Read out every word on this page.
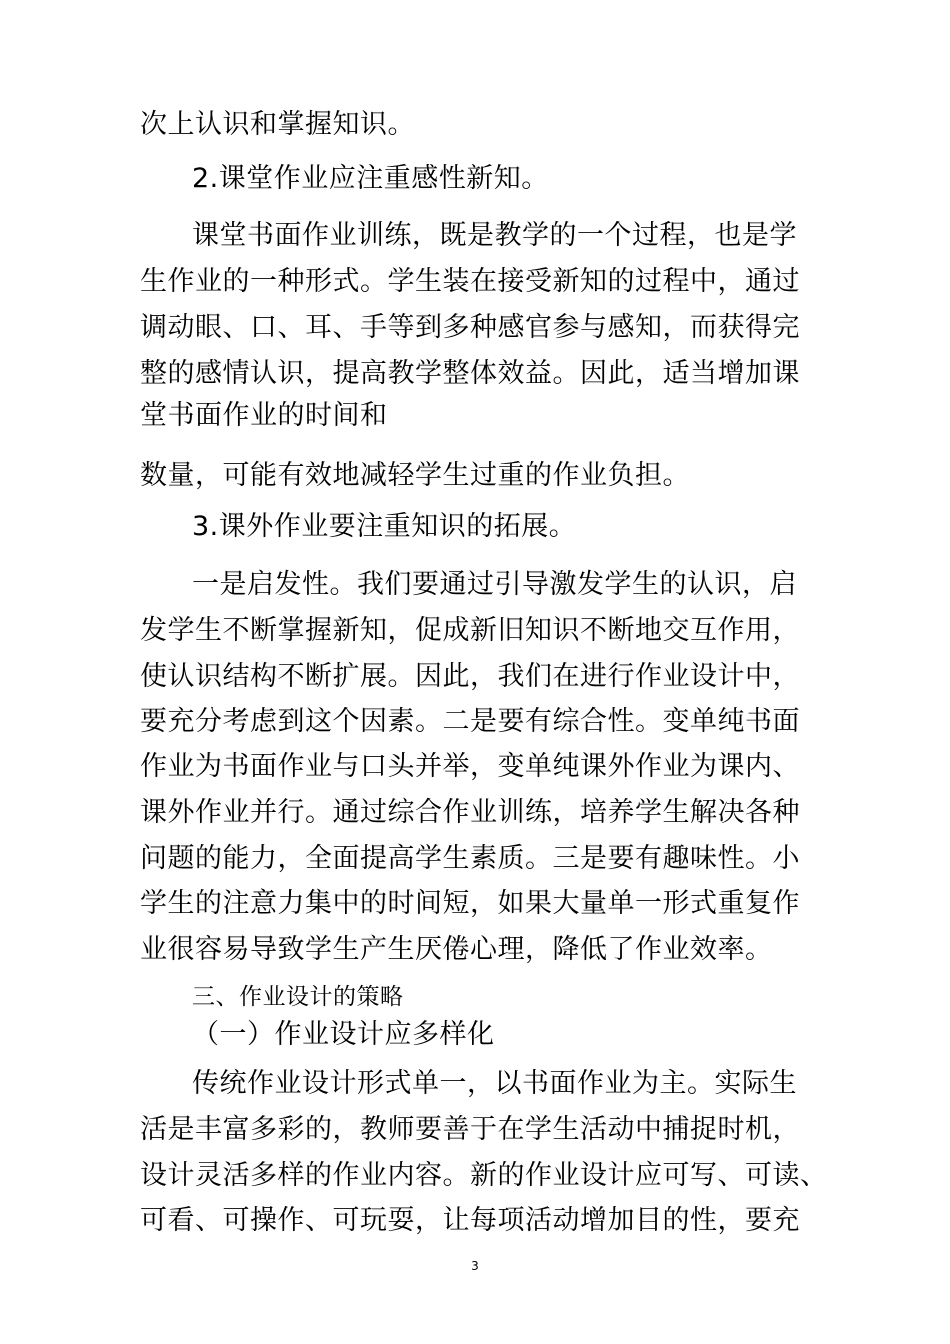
次上认识和掌握知识。

2.课堂作业应注重感性新知。

课堂书面作业训练，既是教学的一个过程，也是学

生作业的一种形式。学生装在接受新知的过程中，通过

调动眼、口、耳、手等到多种感官参与感知，而获得完

整的感情认识，提高教学整体效益。因此，适当增加课

堂书面作业的时间和

数量，可能有效地减轻学生过重的作业负担。

3.课外作业要注重知识的拓展。

一是启发性。我们要通过引导激发学生的认识，启

发学生不断掌握新知，促成新旧知识不断地交互作用，

使认识结构不断扩展。因此，我们在进行作业设计中，

要充分考虑到这个因素。二是要有综合性。变单纯书面

作业为书面作业与口头并举，变单纯课外作业为课内、

课外作业并行。通过综合作业训练，培养学生解决各种

问题的能力，全面提高学生素质。三是要有趣味性。小

学生的注意力集中的时间短，如果大量单一形式重复作

业很容易导致学生产生厌倦心理，降低了作业效率。

三、作业设计的策略

（一）作业设计应多样化

传统作业设计形式单一，以书面作业为主。实际生

活是丰富多彩的，教师要善于在学生活动中捕捉时机，

设计灵活多样的作业内容。新的作业设计应可写、可读、

可看、可操作、可玩耍，让每项活动增加目的性，要充

3
